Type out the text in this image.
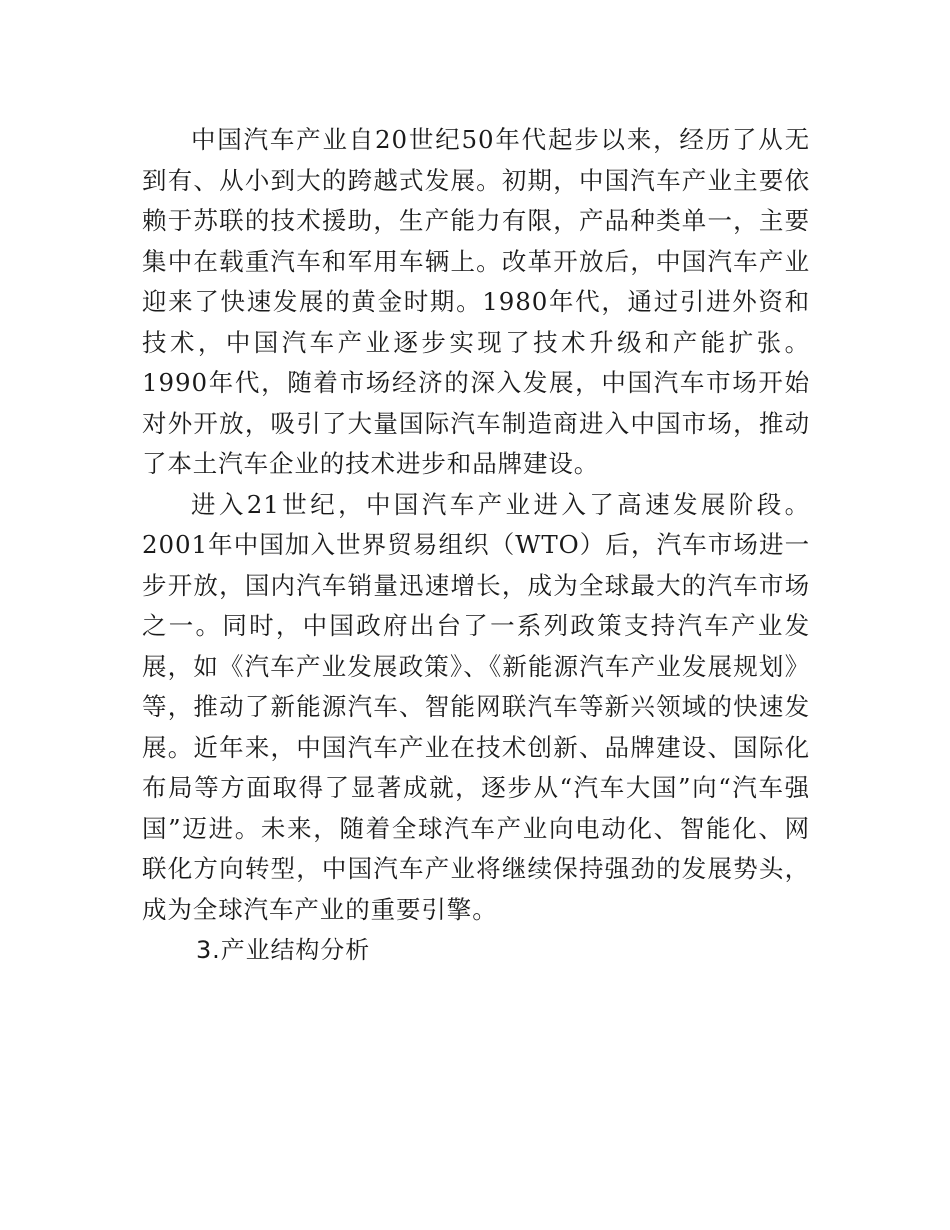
中国汽车产业自20世纪50年代起步以来，经历了从无到有、从小到大的跨越式发展。初期，中国汽车产业主要依赖于苏联的技术援助，生产能力有限，产品种类单一，主要集中在载重汽车和军用车辆上。改革开放后，中国汽车产业迎来了快速发展的黄金时期。1980年代，通过引进外资和技术，中国汽车产业逐步实现了技术升级和产能扩张。1990年代，随着市场经济的深入发展，中国汽车市场开始对外开放，吸引了大量国际汽车制造商进入中国市场，推动了本土汽车企业的技术进步和品牌建设。

进入21世纪，中国汽车产业进入了高速发展阶段。2001年中国加入世界贸易组织（WTO）后，汽车市场进一步开放，国内汽车销量迅速增长，成为全球最大的汽车市场之一。同时，中国政府出台了一系列政策支持汽车产业发展，如《汽车产业发展政策》、《新能源汽车产业发展规划》等，推动了新能源汽车、智能网联汽车等新兴领域的快速发展。近年来，中国汽车产业在技术创新、品牌建设、国际化布局等方面取得了显著成就，逐步从“汽车大国”向“汽车强国”迈进。未来，随着全球汽车产业向电动化、智能化、网联化方向转型，中国汽车产业将继续保持强劲的发展势头，成为全球汽车产业的重要引擎。

3.产业结构分析
